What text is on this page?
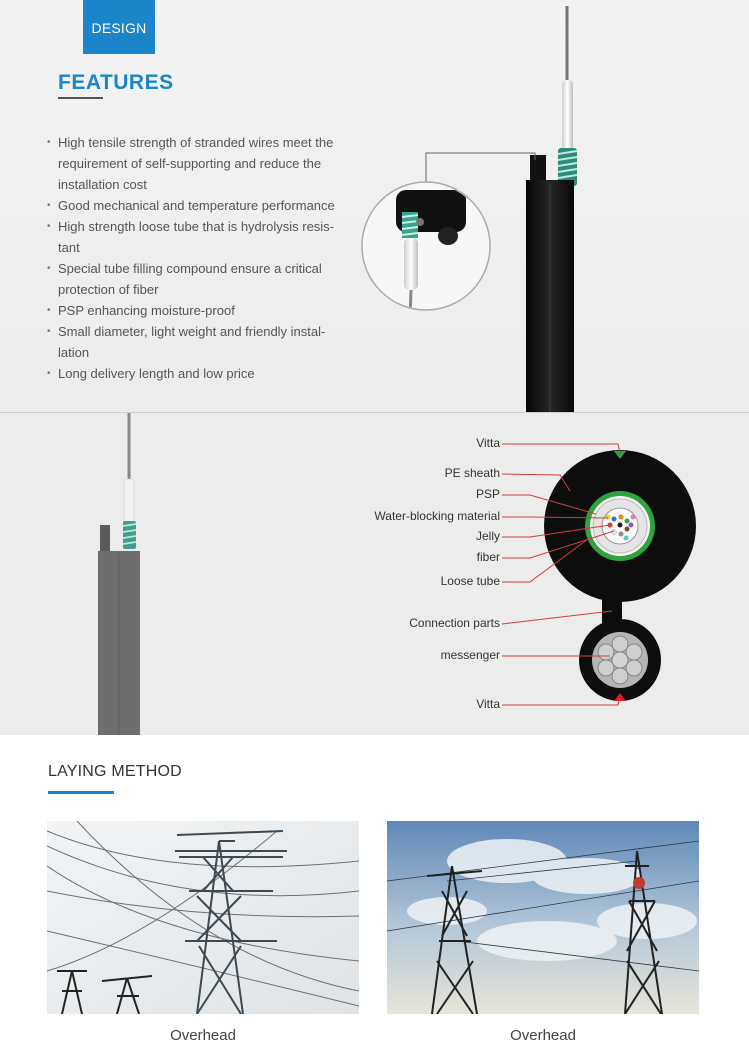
DESIGN
FEATURES
• High tensile strength of stranded wires meet the
requirement of self-supporting and reduce the
installation cost
• Good mechanical and temperature performance
• High strength loose tube that is hydrolysis resis-
tant
• Special tube filling compound ensure a critical
protection of fiber
• PSP enhancing moisture-proof
• Small diameter, light weight and friendly instal-
lation
• Long delivery length and low price
Vitta
PE sheath
PSP
Water-blocking material
Jelly
fiber
Loose tube
Connection parts
messenger
Vitta
LAYING METHOD
Overhead	Overhead
